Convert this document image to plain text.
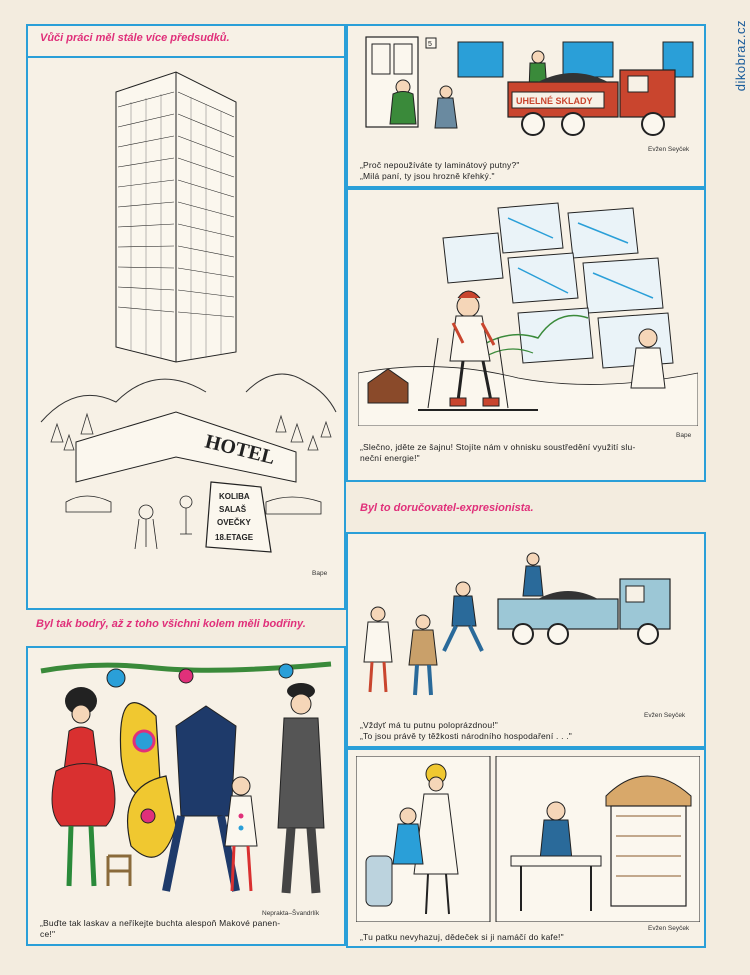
Vůči práci měl stále více předsudků.
HOTEL
KOLIBA
SALAŠ
OVEČKY
18.ETAGE
Bape
Byl tak bodrý, až z toho všichni kolem měli bodřiny.
Neprakta–Švandrlík
„Buďte tak laskav a neříkejte buchta alespoň Makové panen-
ce!"
5
UHELNÉ SKLADY
Evžen Seyček
„Proč nepoužíváte ty laminátový putny?"
„Milá paní, ty jsou hrozně křehký."
Bape
„Slečno, jděte ze šajnu! Stojíte nám v ohnisku soustředění využití slu-
neční energie!"
Byl to doručovatel-expresionista.
Evžen Seyček
„Vždyť má tu putnu poloprázdnou!"
„To jsou právě ty těžkosti národního hospodaření . . ."
Evžen Seyček
„Tu patku nevyhazuj, dědeček si ji namáčí do kafe!"
dikobraz.cz
